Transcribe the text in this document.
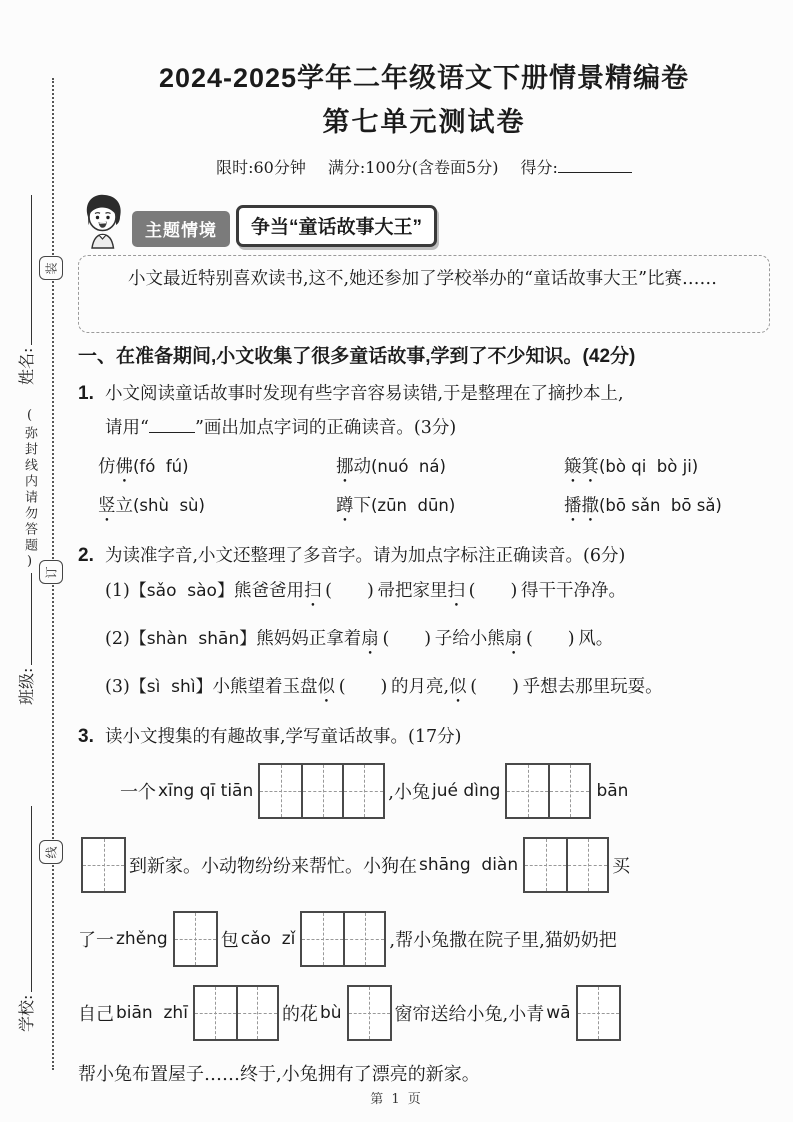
装
订
线
姓名:
(弥封线内请勿答题)
班级:
学校:
2024-2025学年二年级语文下册情景精编卷
第七单元测试卷
限时:60分钟 满分:100分(含卷面5分) 得分:
主题情境	争当“童话故事大王”
小文最近特别喜欢读书,这不,她还参加了学校举办的“童话故事大王”比赛……
一、在准备期间,小文收集了很多童话故事,学到了不少知识。(42分)
1. 小文阅读童话故事时发现有些字音容易读错,于是整理在了摘抄本上,
请用“	”画出加点字词的正确读音。(3分)
仿佛(fó  fú)	挪动(nuó  ná)	簸箕(bò qi  bò ji)
竖立(shù  sù)	蹲下(zūn  dūn)	播撒(bō sǎn  bō sǎ)
2. 为读准字音,小文还整理了多音字。请为加点字标注正确读音。(6分)
(1)【sǎo  sào】熊爸爸用扫 (　　) 帚把家里扫 (　　) 得干干净净。
(2)【shàn  shān】熊妈妈正拿着扇 (　　) 子给小熊扇 (　　) 风。
(3)【sì  shì】小熊望着玉盘似 (　　) 的月亮,似 (　　) 乎想去那里玩耍。
3. 读小文搜集的有趣故事,学写童话故事。(17分)
一个 xīng qī tiān	,小兔 jué dìng	bān
到新家。小动物纷纷来帮忙。小狗在 shāng  diàn	买
了一 zhěng	包 cǎo  zǐ	,帮小兔撒在院子里,猫奶奶把
自己 biān  zhī	的花 bù	窗帘送给小兔,小青 wā
帮小兔布置屋子……终于,小兔拥有了漂亮的新家。
第 1 页
